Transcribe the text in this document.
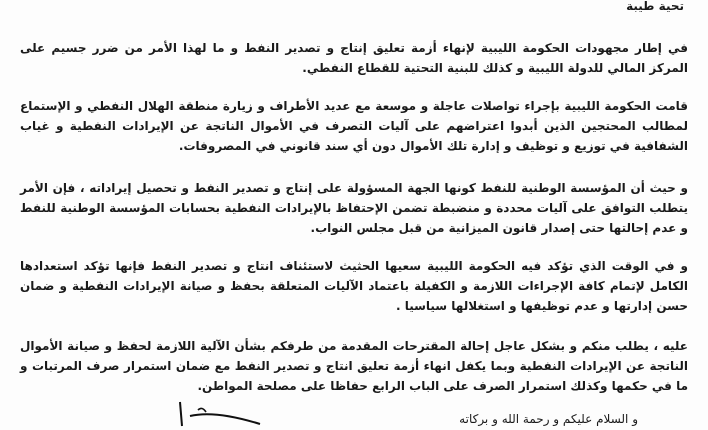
تحية طيبة

في إطار مجهودات الحكومة الليبية لإنهاء أزمة تعليق إنتاج و تصدير النفط و ما لهذا الأمر من ضرر جسيم على المركز المالي للدولة الليبية و كذلك للبنية التحتية للقطاع النفطي.

قامت الحكومة الليبية بإجراء تواصلات عاجلة و موسعة مع عديد الأطراف و زيارة منطقة الهلال النفطي و الإستماع لمطالب المحتجين الذين أبدوا اعتراضهم على آليات التصرف في الأموال الناتجة عن الإيرادات النفطية و غياب الشفافية في توزيع و توظيف و إدارة تلك الأموال دون أي سند قانوني في المصروفات.

و حيث أن المؤسسة الوطنية للنفط كونها الجهة المسؤولة على إنتاج و تصدير النفط و تحصيل إيراداته ، فإن الأمر يتطلب التوافق على آليات محددة و منضبطة تضمن الإحتفاظ بالإيرادات النفطية بحسابات المؤسسة الوطنية للنفط و عدم إحالتها حتى إصدار قانون الميزانية من قبل مجلس النواب.

و في الوقت الذي تؤكد فيه الحكومة الليبية سعيها الحثيث لاستئناف انتاج و تصدير النفط فإنها تؤكد استعدادها الكامل لإتمام كافة الإجراءات اللازمة و الكفيلة باعتماد الآليات المتعلقة بحفظ و صيانة الإيرادات النفطية و ضمان حسن إدارتها و عدم توظيفها و استغلالها سياسيا .

عليه ، يطلب منكم و بشكل عاجل إحالة المقترحات المقدمة من طرفكم بشأن الآلية اللازمة لحفظ و صيانة الأموال الناتجة عن الإيرادات النفطية وبما يكفل انهاء أزمة تعليق انتاج و تصدير النفط مع ضمان استمرار صرف المرتبات و ما في حكمها وكذلك استمرار الصرف على الباب الرابع حفاظا على مصلحة المواطن.

و السلام عليكم و رحمة الله و بركاته
